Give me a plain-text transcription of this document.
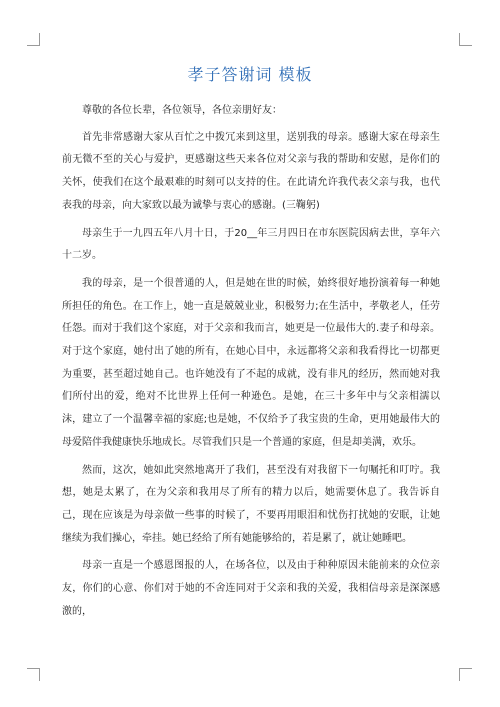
孝子答谢词 模板

尊敬的各位长辈，各位领导，各位亲朋好友：

首先非常感谢大家从百忙之中拨冗来到这里，送别我的母亲。感谢大家在母亲生前无微不至的关心与爱护，更感谢这些天来各位对父亲与我的帮助和安慰，是你们的关怀，使我们在这个最艰难的时刻可以支持的住。在此请允许我代表父亲与我，也代表我的母亲，向大家致以最为诚挚与衷心的感谢。(三鞠躬)

母亲生于一九四五年八月十日，于20__年三月四日在市东医院因病去世，享年六十二岁。

我的母亲，是一个很普通的人，但是她在世的时候，始终很好地扮演着每一种她所担任的角色。在工作上，她一直是兢兢业业，积极努力;在生活中，孝敬老人，任劳任怨。而对于我们这个家庭，对于父亲和我而言，她更是一位最伟大的.妻子和母亲。对于这个家庭，她付出了她的所有，在她心目中，永远都将父亲和我看得比一切都更为重要，甚至超过她自己。也许她没有了不起的成就，没有非凡的经历，然而她对我们所付出的爱，绝对不比世界上任何一种逊色。是她，在三十多年中与父亲相濡以沫，建立了一个温馨幸福的家庭;也是她，不仅给予了我宝贵的生命，更用她最伟大的母爱陪伴我健康快乐地成长。尽管我们只是一个普通的家庭，但是却美满，欢乐。

然而，这次，她如此突然地离开了我们，甚至没有对我留下一句嘱托和叮咛。我想，她是太累了，在为父亲和我用尽了所有的精力以后，她需要休息了。我告诉自己，现在应该是为母亲做一些事的时候了，不要再用眼泪和忧伤打扰她的安眠，让她继续为我们操心，牵挂。她已经给了所有她能够给的，若是累了，就让她睡吧。

母亲一直是一个感恩图报的人，在场各位，以及由于种种原因未能前来的众位亲友，你们的心意、你们对于她的不舍连同对于父亲和我的关爱，我相信母亲是深深感激的，
